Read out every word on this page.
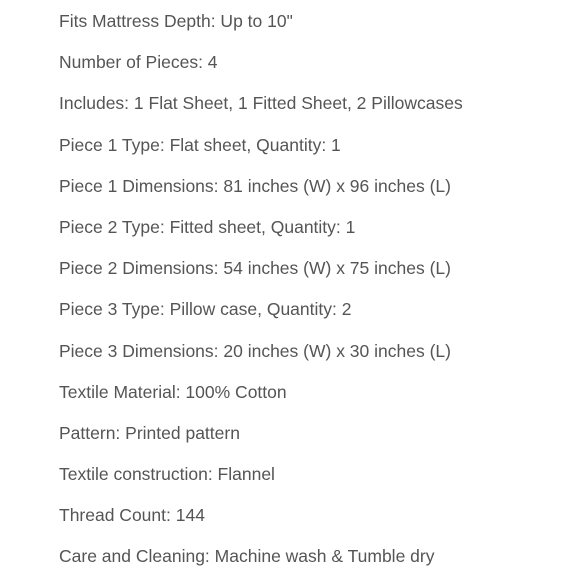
Fits Mattress Depth: Up to 10"
Number of Pieces: 4
Includes: 1 Flat Sheet, 1 Fitted Sheet, 2 Pillowcases
Piece 1 Type: Flat sheet, Quantity: 1
Piece 1 Dimensions: 81 inches (W) x 96 inches (L)
Piece 2 Type: Fitted sheet, Quantity: 1
Piece 2 Dimensions: 54 inches (W) x 75 inches (L)
Piece 3 Type: Pillow case, Quantity: 2
Piece 3 Dimensions: 20 inches (W) x 30 inches (L)
Textile Material: 100% Cotton
Pattern: Printed pattern
Textile construction: Flannel
Thread Count: 144
Care and Cleaning: Machine wash & Tumble dry
